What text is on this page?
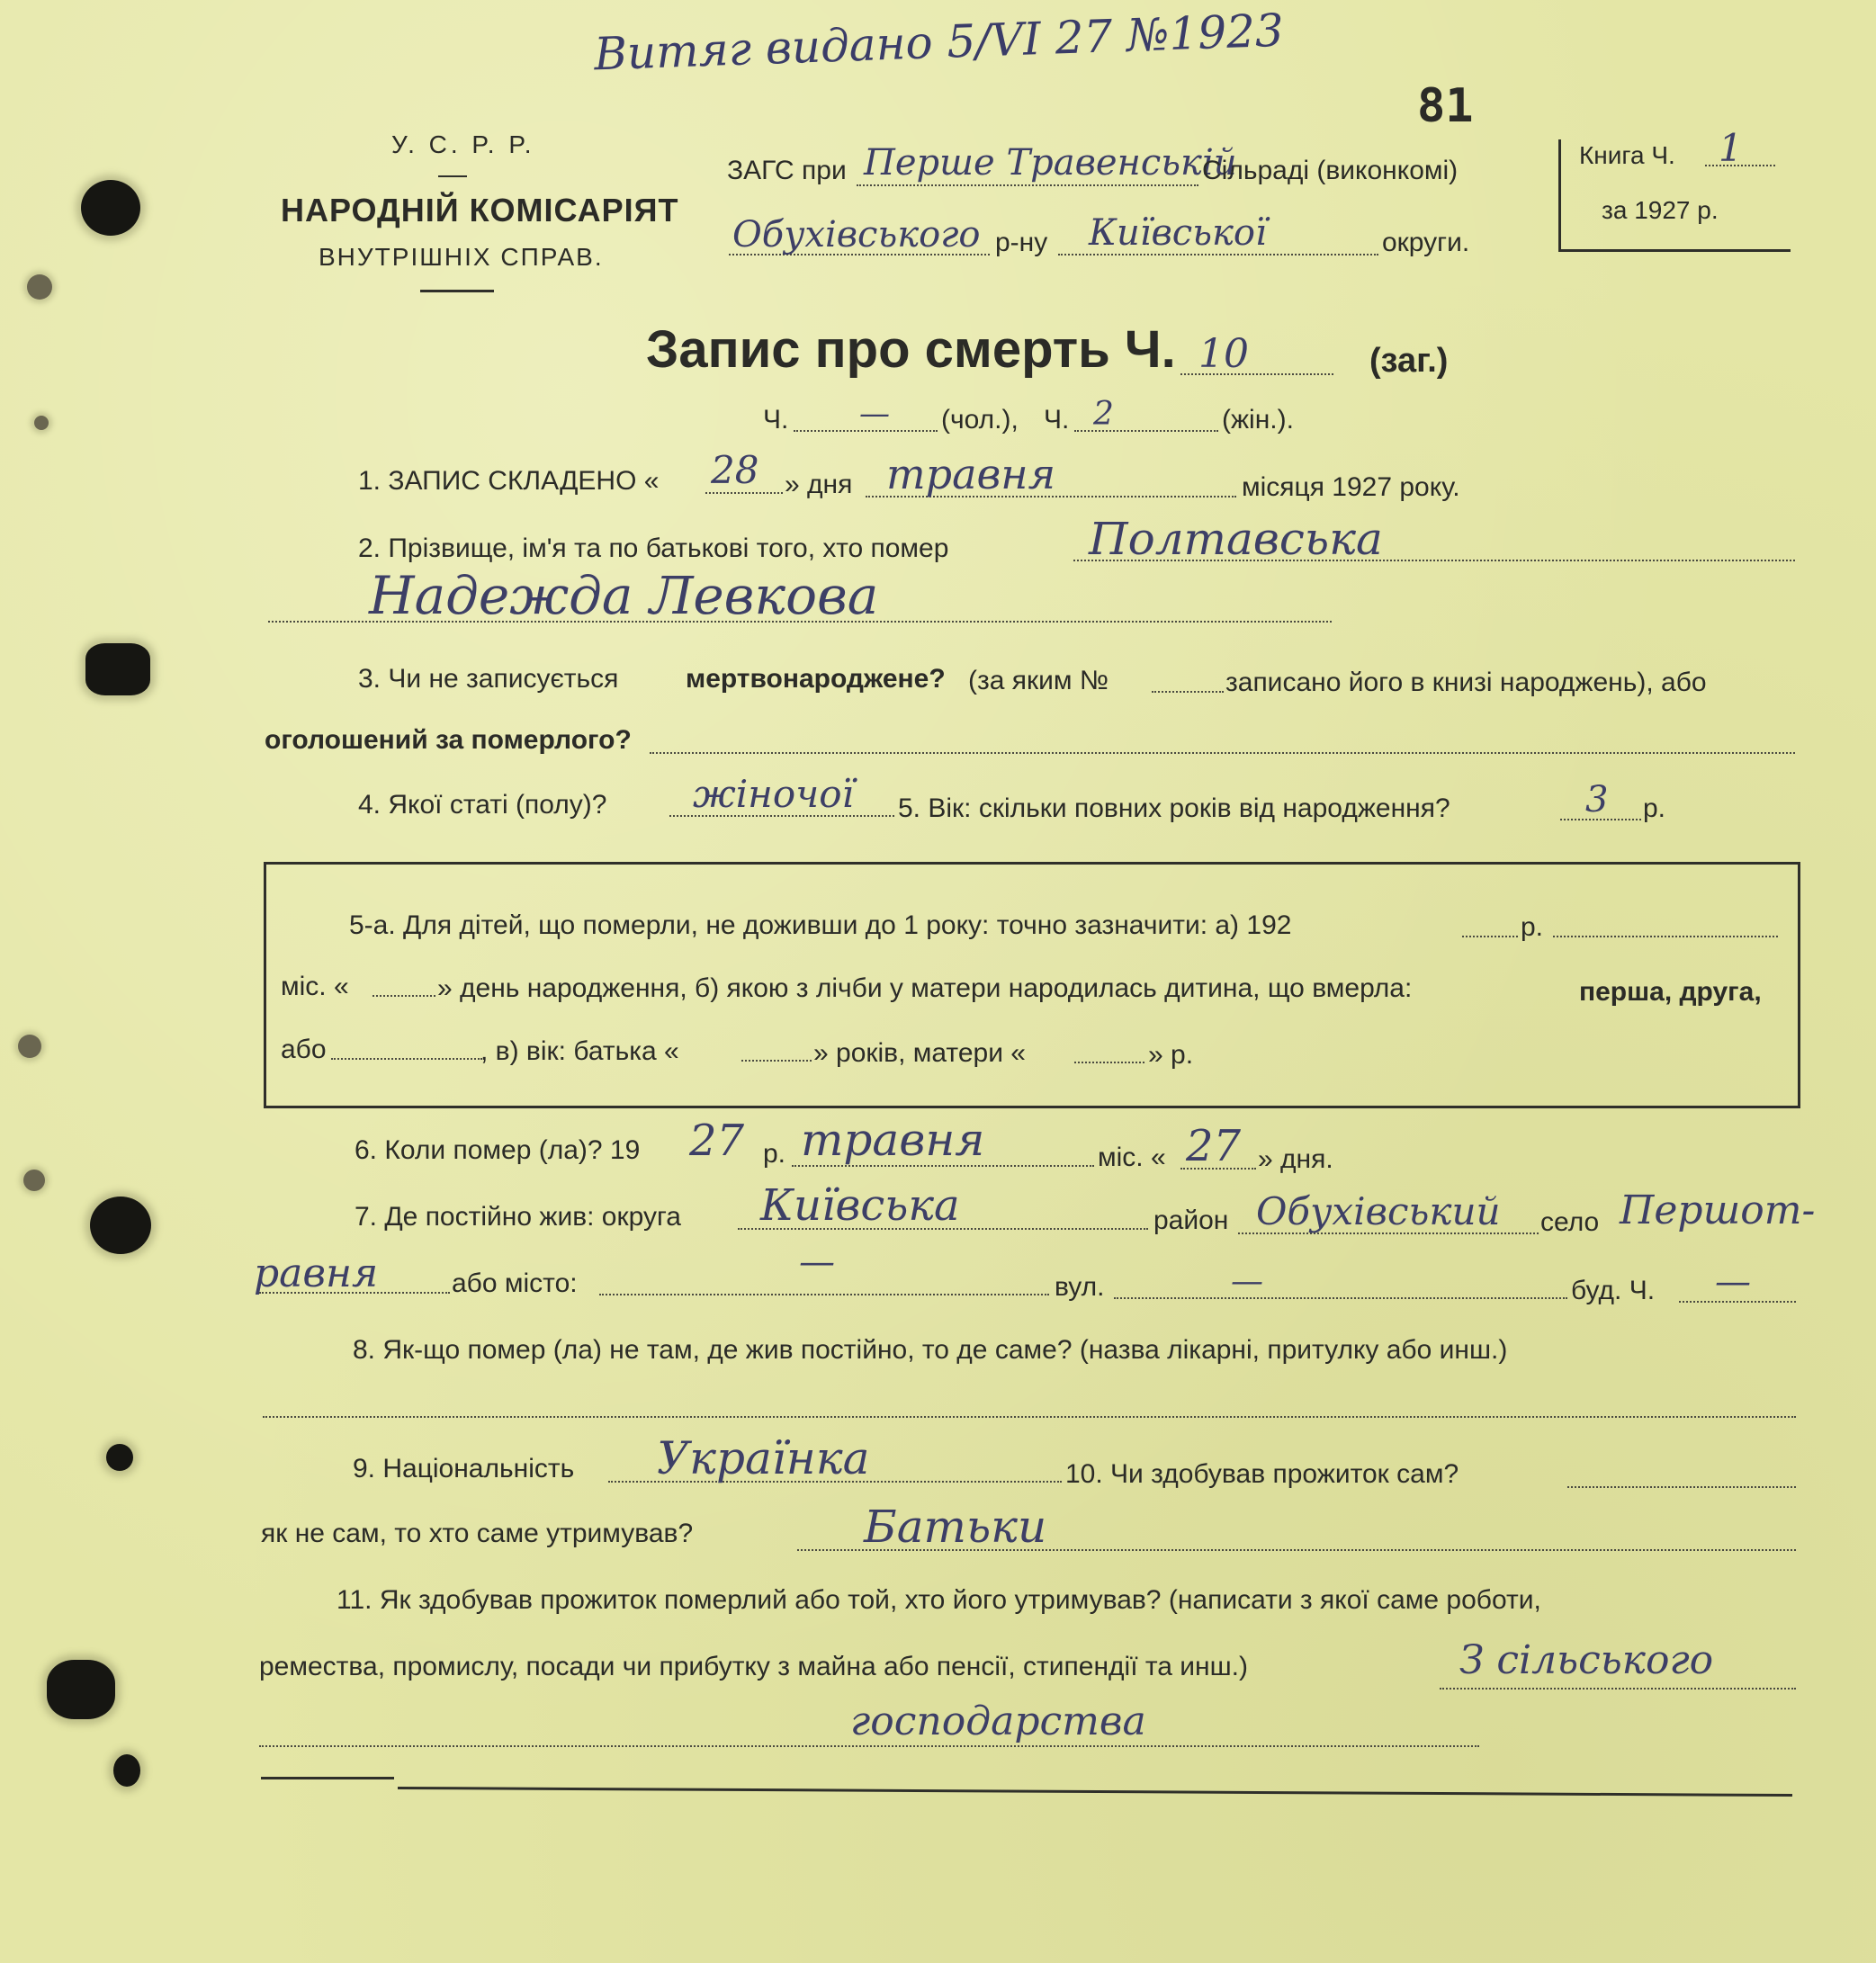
Витяг видано 5/VI 27 №1923
81
У. С. Р. Р.
НАРОДНІЙ КОМІСАРІЯТ
ВНУТРІШНІХ СПРАВ.
ЗАГС при Перше Травенській
Сільраді (виконкомі)
Обухівського р-ну Київської	округи.
Книга Ч. 1
за 1927 р.
Запис про смерть Ч. 10	(заг.)
Ч. — (чол.), Ч. 2	(жін.).
1. ЗАПИС СКЛАДЕНО « 28 » дня травня	місяця 1927 року.
2. Прізвище, ім'я та по батькові того, хто помер	Полтавська
Надежда Левкова
3. Чи не записується мертвонароджене? (за яким №	записано його в книзі народжень), або
оголошений за померлого?
4. Якої статі (полу)? жіночої 5. Вік: скільки повних років від народження?	3 р.
5-а. Для дітей, що померли, не доживши до 1 року: точно зазначити: а) 192	р.
міс. «	» день народження, б) якою з лічби у матери народилась дитина, що вмерла:	перша, друга,
або	, в) вік: батька «	» років, матери «	» р.
6. Коли помер (ла)? 19 27 р. травня	міс. « 27 » дня.
7. Де постійно жив: округа Київська	район Обухівський село Першот-
равня	або місто:
—
вул.	—	буд. Ч. —
8. Як-що помер (ла) не там, де жив постійно, то де саме? (назва лікарні, притулку або инш.)
9. Національність Українка	10. Чи здобував прожиток сам?
як не сам, то хто саме утримував?	Батьки
11. Як здобував прожиток померлий або той, хто його утримував? (написати з якої саме роботи,
ремества, промислу, посади чи прибутку з майна або пенсії, стипендії та инш.)	З сільського
господарства
